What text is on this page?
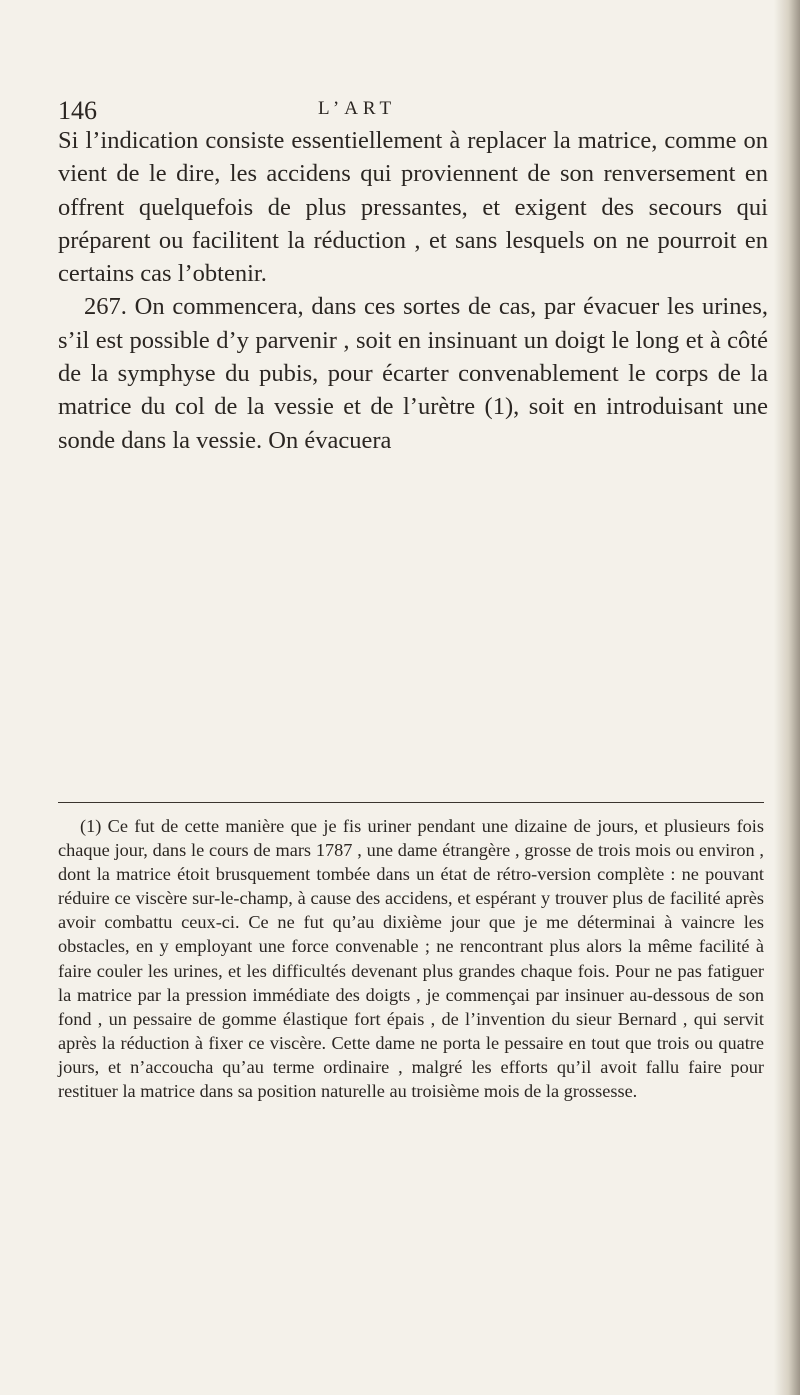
146	L’ART

Si l’indication consiste essentiellement à replacer la matrice, comme on vient de le dire, les accidens qui proviennent de son renversement en offrent quelquefois de plus pressantes, et exigent des secours qui préparent ou facilitent la réduction , et sans lesquels on ne pourroit en certains cas l’obtenir.

267. On commencera, dans ces sortes de cas, par évacuer les urines, s’il est possible d’y parvenir , soit en insinuant un doigt le long et à côté de la symphyse du pubis, pour écarter convenablement le corps de la matrice du col de la vessie et de l’urètre (1), soit en introduisant une sonde dans la vessie. On évacuera

(1) Ce fut de cette manière que je fis uriner pendant une dizaine de jours, et plusieurs fois chaque jour, dans le cours de mars 1787 , une dame étrangère , grosse de trois mois ou environ , dont la matrice étoit brusquement tombée dans un état de rétro-version complète : ne pouvant réduire ce viscère sur-le-champ, à cause des accidens, et espérant y trouver plus de facilité après avoir combattu ceux-ci. Ce ne fut qu’au dixième jour que je me déterminai à vaincre les obstacles, en y employant une force convenable ; ne rencontrant plus alors la même facilité à faire couler les urines, et les difficultés devenant plus grandes chaque fois. Pour ne pas fatiguer la matrice par la pression immédiate des doigts , je commençai par insinuer au-dessous de son fond , un pessaire de gomme élastique fort épais , de l’invention du sieur Bernard , qui servit après la réduction à fixer ce viscère. Cette dame ne porta le pessaire en tout que trois ou quatre jours, et n’accoucha qu’au terme ordinaire , malgré les efforts qu’il avoit fallu faire pour restituer la matrice dans sa position naturelle au troisième mois de la grossesse.
